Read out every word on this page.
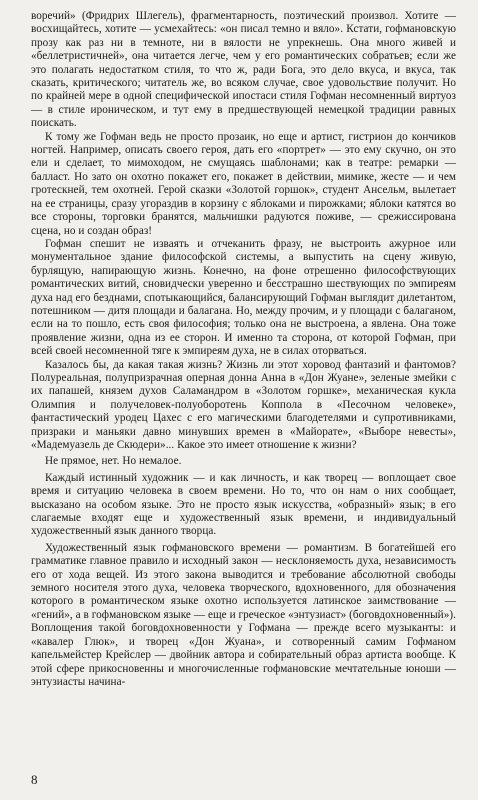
воречий» (Фридрих Шлегель), фрагментарность, поэтический произвол. Хотите — восхищайтесь, хотите — усмехайтесь: «он писал темно и вяло». Кстати, гофмановскую прозу как раз ни в темноте, ни в вялости не упрекнешь. Она много живей и «беллетристичней», она читается легче, чем у его романтических собратьев; если же это полагать недостатком стиля, то что ж, ради Бога, это дело вкуса, и вкуса, так сказать, критического; читатель же, во всяком случае, свое удовольствие получит. Но по крайней мере в одной специфической ипостаси стиля Гофман несомненный виртуоз — в стиле ироническом, и тут ему в предшествующей немецкой традиции равных поискать.

К тому же Гофман ведь не просто прозаик, но еще и артист, гистрион до кончиков ногтей. Например, описать своего героя, дать его «портрет» — это ему скучно, он это ели и сделает, то мимоходом, не смущаясь шаблонами; как в театре: ремарки — балласт. Но зато он охотно покажет его, покажет в действии, мимике, жесте — и чем гротескней, тем охотней. Герой сказки «Золотой горшок», студент Ансельм, вылетает на ее страницы, сразу угораздив в корзину с яблоками и пирожками; яблоки катятся во все стороны, торговки бранятся, мальчишки радуются поживе, — срежиссирована сцена, но и создан образ!

Гофман спешит не изваять и отчеканить фразу, не выстроить ажурное или монументальное здание философской системы, а выпустить на сцену живую, бурлящую, напирающую жизнь. Конечно, на фоне отрешенно философствующих романтических витий, сновидчески уверенно и бесстрашно шествующих по эмпиреям духа над его безднами, спотыкающийся, балансирующий Гофман выглядит дилетантом, потешником — дитя площади и балагана. Но, между прочим, и у площади с балаганом, если на то пошло, есть своя философия; только она не выстроена, а явлена. Она тоже проявление жизни, одна из ее сторон. И именно та сторона, от которой Гофман, при всей своей несомненной тяге к эмпиреям духа, не в силах оторваться.

Казалось бы, да какая такая жизнь? Жизнь ли этот хоровод фантазий и фантомов? Полуреальная, полупризрачная оперная донна Анна в «Дон Жуане», зеленые змейки с их папашей, князем духов Саламандром в «Золотом горшке», механическая кукла Олимпия и получеловек-полуоборотень Коппола в «Песочном человеке», фантастический уродец Цахес с его магическими благодетелями и супротивниками, призраки и маньяки давно минувших времен в «Майорате», «Выборе невесты», «Мадемуазель де Скюдери»... Какое это имеет отношение к жизни?

Не прямое, нет. Но немалое.

Каждый истинный художник — и как личность, и как творец — воплощает свое время и ситуацию человека в своем времени. Но то, что он нам о них сообщает, высказано на особом языке. Это не просто язык искусства, «образный» язык; в его слагаемые входят еще и художественный язык времени, и индивидуальный художественный язык данного творца.

Художественный язык гофмановского времени — романтизм. В богатейшей его грамматике главное правило и исходный закон — несклоняемость духа, независимость его от хода вещей. Из этого закона выводится и требование абсолютной свободы земного носителя этого духа, человека творческого, вдохновенного, для обозначения которого в романтическом языке охотно используется латинское заимствование — «гений», а в гофмановском языке — еще и греческое «энтузиаст» (боговдохновенный»). Воплощения такой боговдохновенности у Гофмана — прежде всего музыканты: и «кавалер Глюк», и творец «Дон Жуана», и сотворенный самим Гофманом капельмейстер Крейслер — двойник автора и собирательный образ артиста вообще. К этой сфере прикосновенны и многочисленные гофмановские мечтательные юноши — энтузиасты начина-

8
